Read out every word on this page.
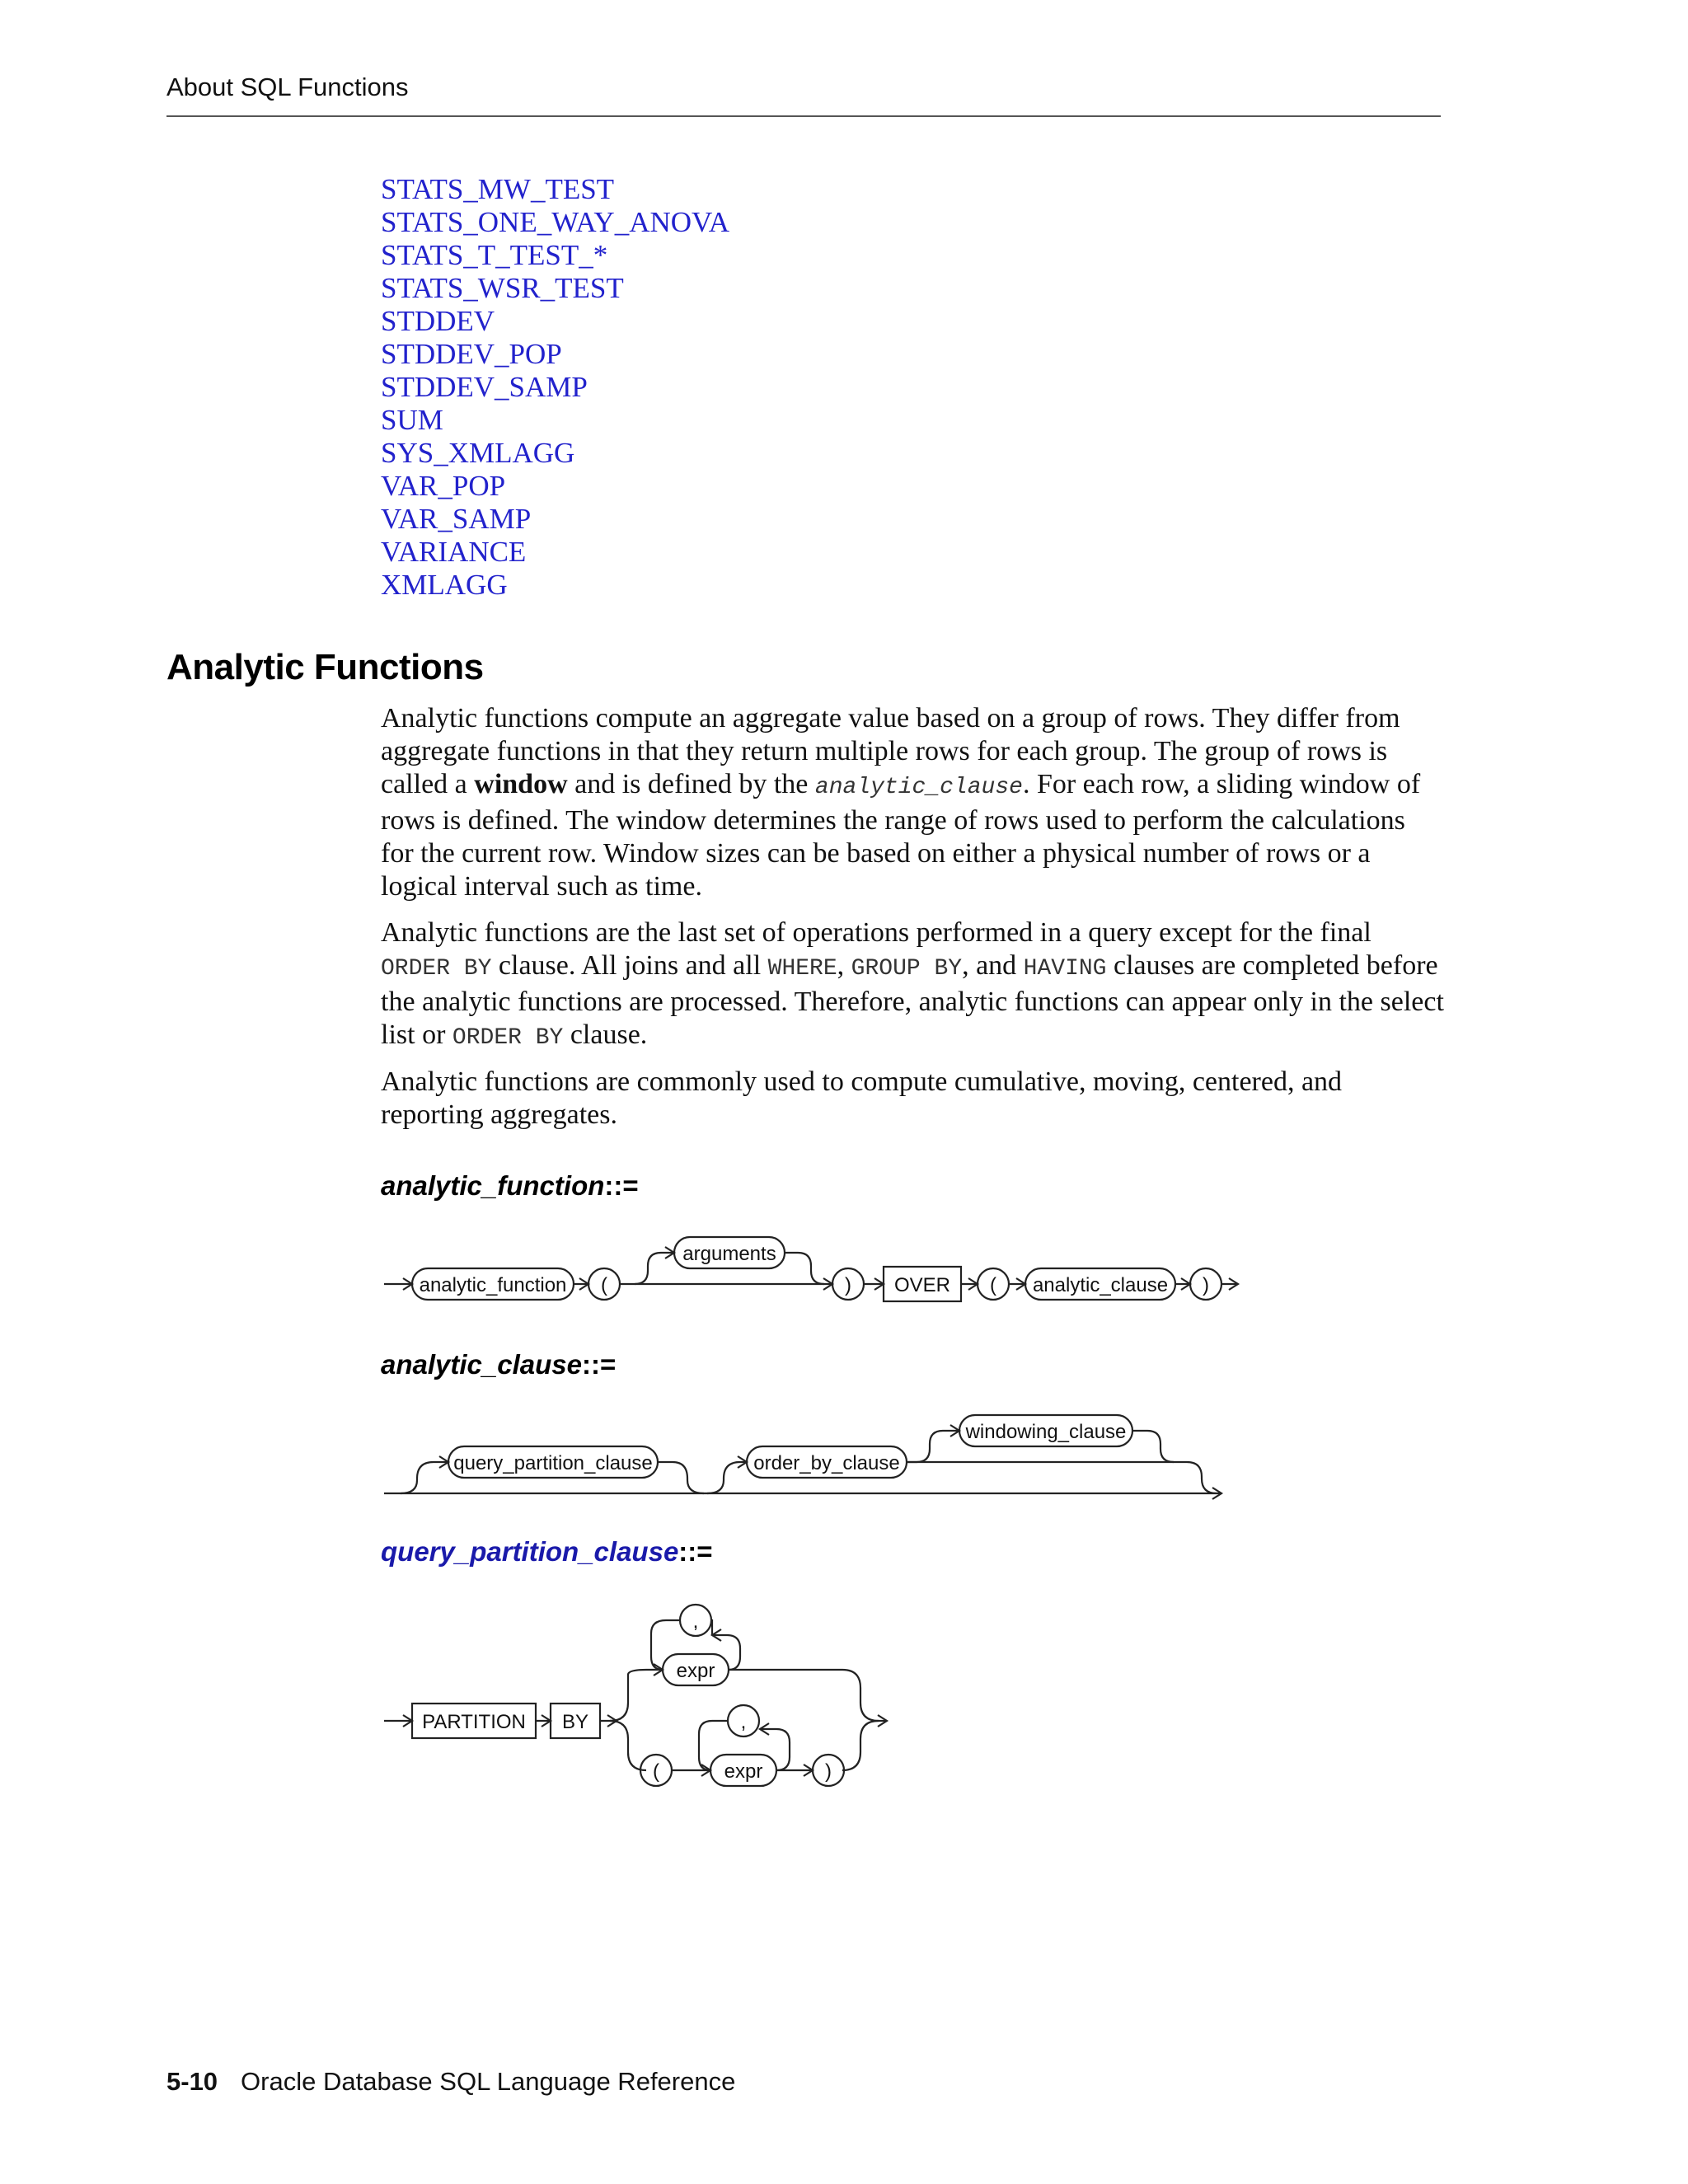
About SQL Functions
STATS_MW_TEST
STATS_ONE_WAY_ANOVA
STATS_T_TEST_*
STATS_WSR_TEST
STDDEV
STDDEV_POP
STDDEV_SAMP
SUM
SYS_XMLAGG
VAR_POP
VAR_SAMP
VARIANCE
XMLAGG
Analytic Functions

Analytic functions compute an aggregate value based on a group of rows. They differ from aggregate functions in that they return multiple rows for each group. The group of rows is called a window and is defined by the analytic_clause. For each row, a sliding window of rows is defined. The window determines the range of rows used to perform the calculations for the current row. Window sizes can be based on either a physical number of rows or a logical interval such as time.

Analytic functions are the last set of operations performed in a query except for the final ORDER BY clause. All joins and all WHERE, GROUP BY, and HAVING clauses are completed before the analytic functions are processed. Therefore, analytic functions can appear only in the select list or ORDER BY clause.

Analytic functions are commonly used to compute cumulative, moving, centered, and reporting aggregates.

analytic_function::=
analytic_function (
arguments
) OVER ( analytic_clause )
analytic_clause::=
query_partition_clause	order_by_clause
windowing_clause
query_partition_clause::=
PARTITION BY
,
expr
,
(	expr	)
5-10 Oracle Database SQL Language Reference
